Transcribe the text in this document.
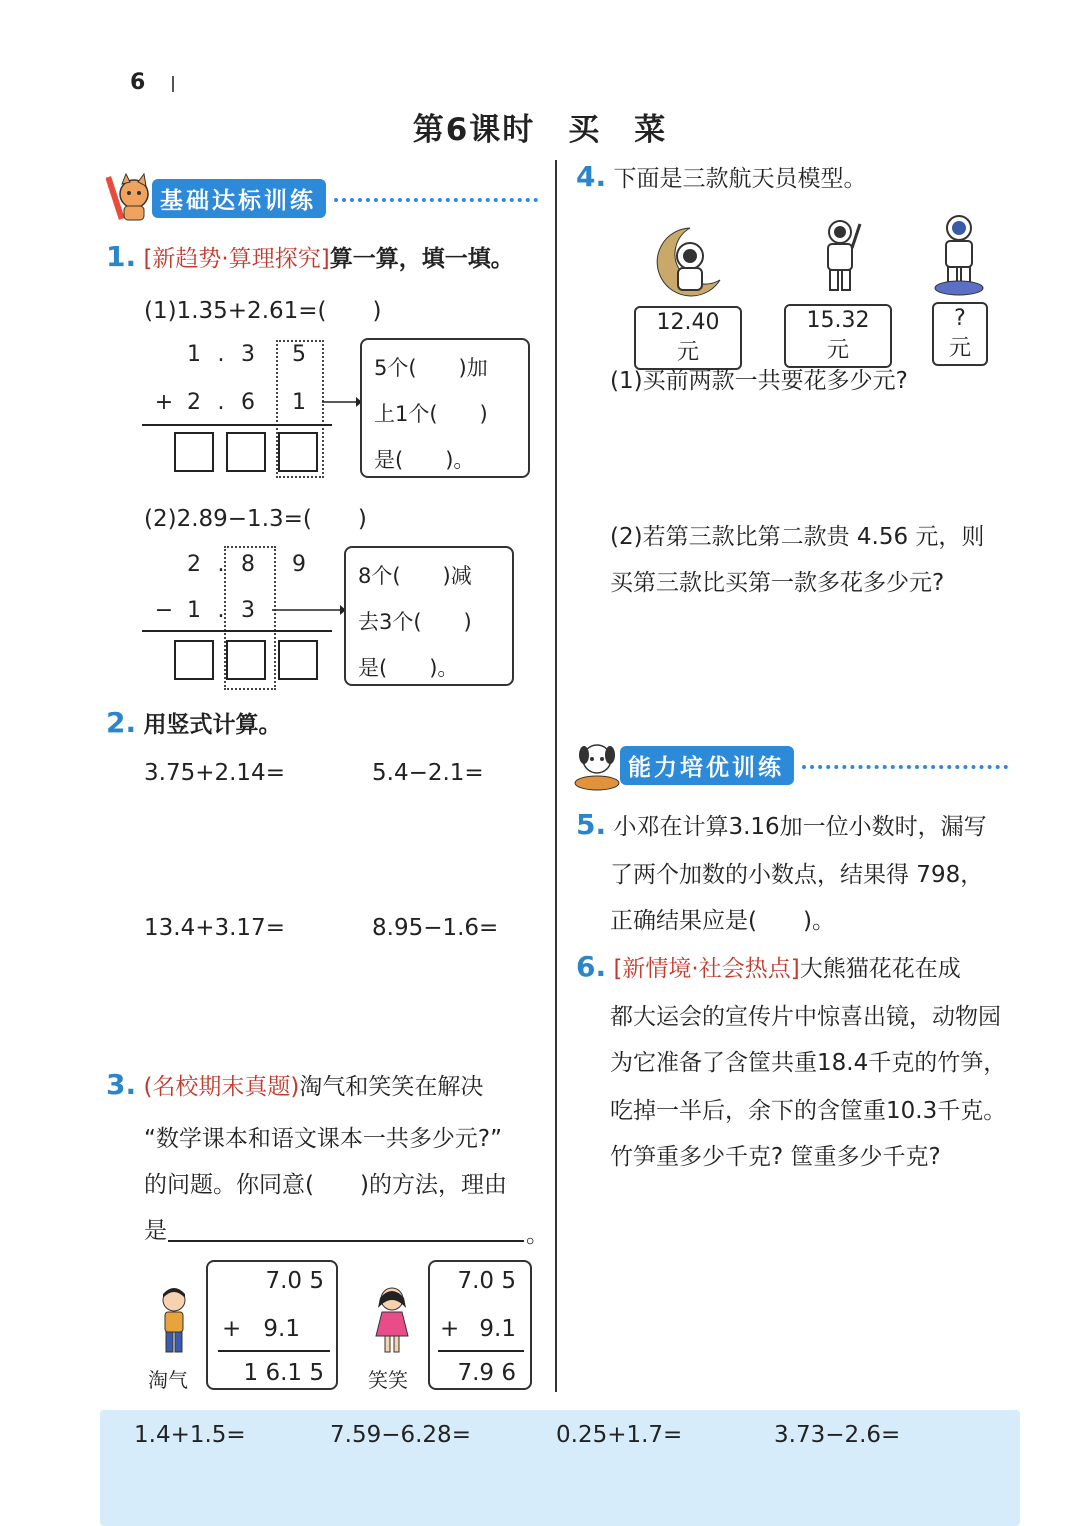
6
第6课时　买　菜
基础达标训练
1. [新趋势·算理探究]算一算，填一填。
(1)1.35+2.61=(　　)
1 . 3	5
+ 2 . 6	1
5个(　　)加
上1个(　　)
是(　　)。
(2)2.89−1.3=(　　)
2 . 8	9
− 1 . 3
8个(　　)减
去3个(　　)
是(　　)。
2. 用竖式计算。
3.75+2.14=	5.4−2.1=
13.4+3.17=	8.95−1.6=
3. (名校期末真题)淘气和笑笑在解决
“数学课本和语文课本一共多少元?”
的问题。你同意(　　)的方法，理由
是	。
淘气
7.0 5
+ 9.1
1 6.1 5 笑笑
7.0 5
+ 9.1
7.9 6
4. 下面是三款航天员模型。
12.40 元
15.32 元
? 元
(1)买前两款一共要花多少元?
(2)若第三款比第二款贵 4.56 元，则
买第三款比买第一款多花多少元?
能力培优训练
5. 小邓在计算3.16加一位小数时，漏写
了两个加数的小数点，结果得 798，
正确结果应是(　　)。
6. [新情境·社会热点]大熊猫花花在成
都大运会的宣传片中惊喜出镜，动物园
为它准备了含筐共重18.4千克的竹笋，
吃掉一半后，余下的含筐重10.3千克。
竹笋重多少千克? 筐重多少千克?
1.4+1.5=	7.59−6.28=	0.25+1.7=	3.73−2.6=
